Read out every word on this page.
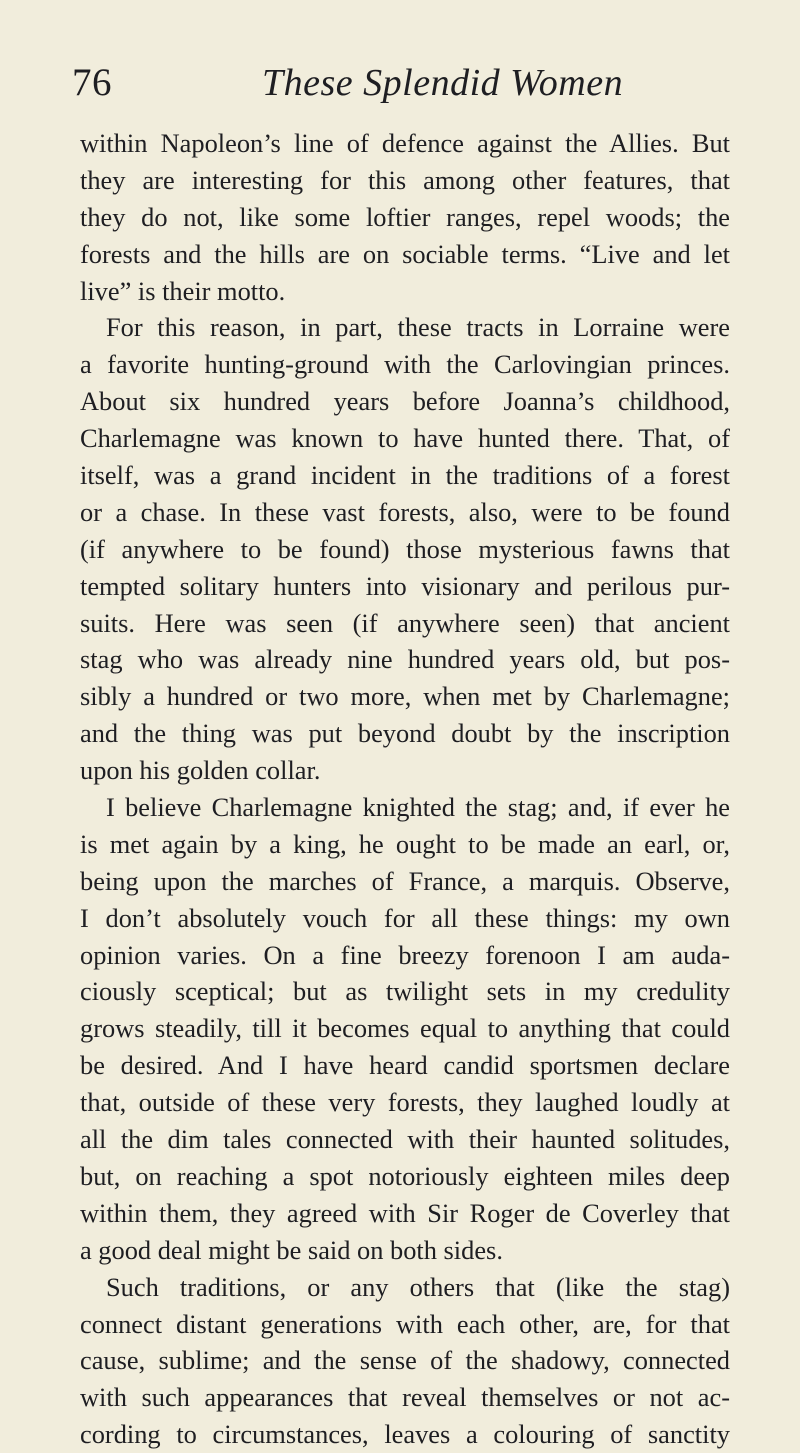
76	These Splendid Women
within Napoleon’s line of defence against the Allies. But
they are interesting for this among other features, that
they do not, like some loftier ranges, repel woods; the
forests and the hills are on sociable terms. “Live and let
live” is their motto.
For this reason, in part, these tracts in Lorraine were
a favorite hunting-ground with the Carlovingian princes.
About six hundred years before Joanna’s childhood,
Charlemagne was known to have hunted there. That, of
itself, was a grand incident in the traditions of a forest
or a chase. In these vast forests, also, were to be found
(if anywhere to be found) those mysterious fawns that
tempted solitary hunters into visionary and perilous pur-
suits. Here was seen (if anywhere seen) that ancient
stag who was already nine hundred years old, but pos-
sibly a hundred or two more, when met by Charlemagne;
and the thing was put beyond doubt by the inscription
upon his golden collar.
I believe Charlemagne knighted the stag; and, if ever he
is met again by a king, he ought to be made an earl, or,
being upon the marches of France, a marquis. Observe,
I don’t absolutely vouch for all these things: my own
opinion varies. On a fine breezy forenoon I am auda-
ciously sceptical; but as twilight sets in my credulity
grows steadily, till it becomes equal to anything that could
be desired. And I have heard candid sportsmen declare
that, outside of these very forests, they laughed loudly at
all the dim tales connected with their haunted solitudes,
but, on reaching a spot notoriously eighteen miles deep
within them, they agreed with Sir Roger de Coverley that
a good deal might be said on both sides.
Such traditions, or any others that (like the stag)
connect distant generations with each other, are, for that
cause, sublime; and the sense of the shadowy, connected
with such appearances that reveal themselves or not ac-
cording to circumstances, leaves a colouring of sanctity
